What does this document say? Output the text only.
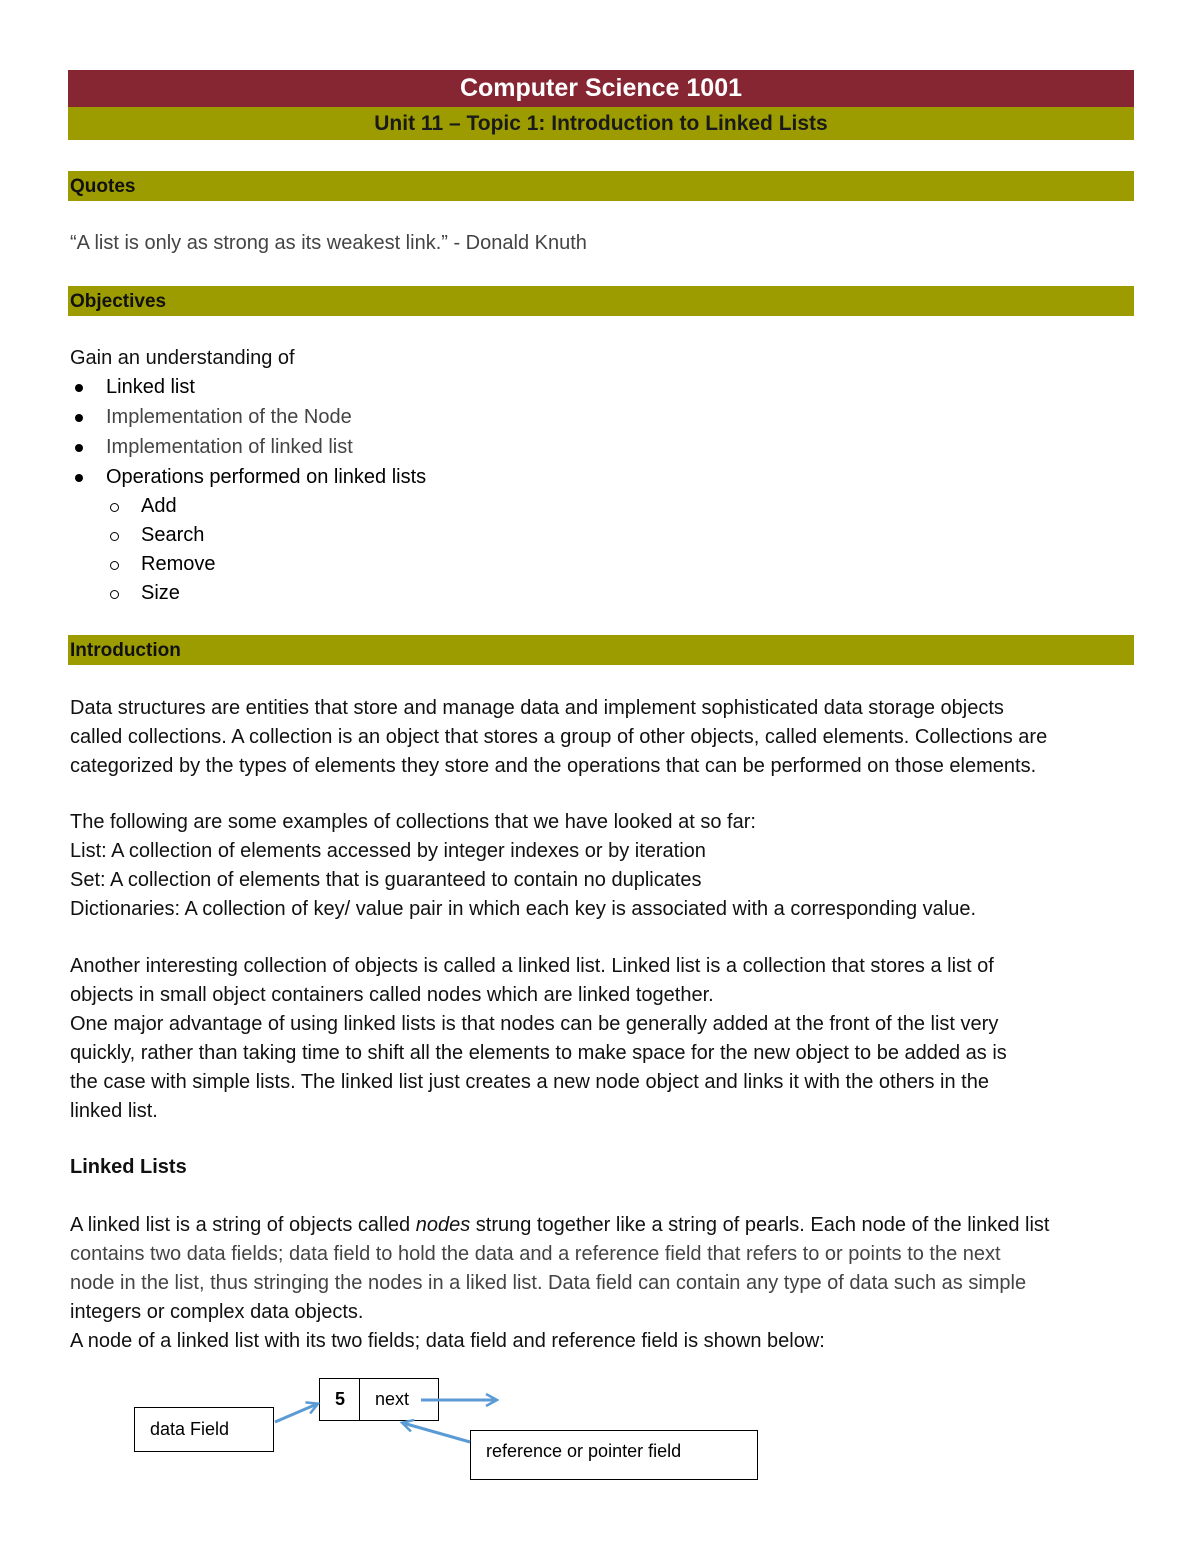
Computer Science 1001
Unit 11 – Topic 1: Introduction to Linked Lists
Quotes
“A list is only as strong as its weakest link.” - Donald Knuth
Objectives
Gain an understanding of
Linked list
Implementation of the Node
Implementation of linked list
Operations performed on linked lists
Add
Search
Remove
Size
Introduction

Data structures are entities that store and manage data and implement sophisticated data storage objects

called collections. A collection is an object that stores a group of other objects, called elements. Collections are

categorized by the types of elements they store and the operations that can be performed on those elements.

The following are some examples of collections that we have looked at so far:

List: A collection of elements accessed by integer indexes or by iteration

Set: A collection of elements that is guaranteed to contain no duplicates

Dictionaries: A collection of key/ value pair in which each key is associated with a corresponding value.

Another interesting collection of objects is called a linked list. Linked list is a collection that stores a list of

objects in small object containers called nodes which are linked together.

One major advantage of using linked lists is that nodes can be generally added at the front of the list very

quickly, rather than taking time to shift all the elements to make space for the new object to be added as is

the case with simple lists. The linked list just creates a new node object and links it with the others in the

linked list.

Linked Lists

A linked list is a string of objects called nodes strung together like a string of pearls. Each node of the linked list

contains two data fields; data field to hold the data and a reference field that refers to or points to the next

node in the list, thus stringing the nodes in a liked list. Data field can contain any type of data such as simple

integers or complex data objects.

A node of a linked list with its two fields; data field and reference field is shown below:

5	next
data Field
reference or pointer field
